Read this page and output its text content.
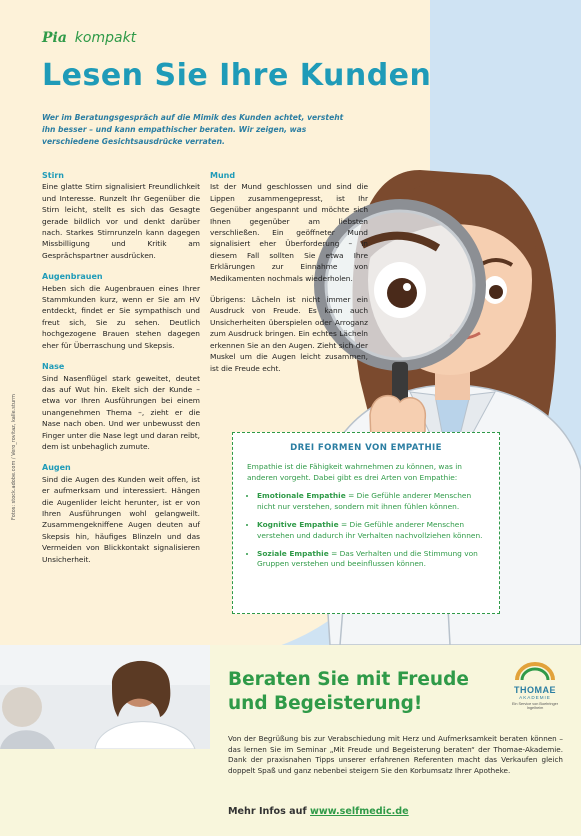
Pia kompakt
Lesen Sie Ihre Kunden
Wer im Beratungsgespräch auf die Mimik des Kunden achtet, versteht ihn besser – und kann empathischer beraten. Wir zeigen, was verschiedene Gesichtsausdrücke verraten.

Stirn

Eine glatte Stirn signalisiert Freundlichkeit und Interesse. Runzelt Ihr Gegenüber die Stirn leicht, stellt es sich das Gesagte gerade bildlich vor und denkt darüber nach. Starkes Stirnrunzeln kann dagegen Missbilligung und Kritik am Gesprächspartner ausdrücken.

Augenbrauen

Heben sich die Augenbrauen eines Ihrer Stammkunden kurz, wenn er Sie am HV entdeckt, findet er Sie sympathisch und freut sich, Sie zu sehen. Deutlich hochgezogene Brauen stehen dagegen eher für Überraschung und Skepsis.

Nase

Sind Nasenflügel stark geweitet, deutet das auf Wut hin. Ekelt sich der Kunde – etwa vor Ihren Ausführungen bei einem unangenehmen Thema –, zieht er die Nase nach oben. Und wer unbewusst den Finger unter die Nase legt und daran reibt, dem ist unbehaglich zumute.

Augen

Sind die Augen des Kunden weit offen, ist er aufmerksam und interessiert. Hängen die Augenlider leicht herunter, ist er von Ihren Ausführungen wohl gelangweilt. Zusammengekniffene Augen deuten auf Skepsis hin, häufiges Blinzeln und das Vermeiden von Blickkontakt signalisieren Unsicherheit.

Mund

Ist der Mund geschlossen und sind die Lippen zusammengepresst, ist Ihr Gegenüber angespannt und möchte sich Ihnen gegenüber am liebsten verschließen. Ein geöffneter Mund signalisiert eher Überforderung – in diesem Fall sollten Sie etwa Ihre Erklärungen zur Einnahme von Medikamenten nochmals wiederholen.

Übrigens: Lächeln ist nicht immer ein Ausdruck von Freude. Es kann auch Unsicherheiten überspielen oder Arroganz zum Ausdruck bringen. Ein echtes Lächeln erkennen Sie an den Augen. Zieht sich der Muskel um die Augen leicht zusammen, ist die Freude echt.

Fotos: stock.adobe.com / Vero_rovitaz, kalle.sturm	DREI FORMEN VON EMPATHIE

Empathie ist die Fähigkeit wahrnehmen zu können, was in anderen vorgeht. Dabei gibt es drei Arten von Empathie:

• Emotionale Empathie = Die Gefühle anderer Menschen nicht nur verstehen, sondern mit ihnen fühlen können.
• Kognitive Empathie = Die Gefühle anderer Menschen verstehen und dadurch ihr Verhalten nachvollziehen können.
• Soziale Empathie = Das Verhalten und die Stimmung von Gruppen verstehen und beeinflussen können.
Beraten Sie mit Freude und Begeisterung!
Von der Begrüßung bis zur Verabschiedung mit Herz und Aufmerksamkeit beraten können – das lernen Sie im Seminar „Mit Freude und Begeisterung beraten“ der Thomae-Akademie. Dank der praxisnahen Tipps unserer erfahrenen Referenten macht das Verkaufen gleich doppelt Spaß und ganz nebenbei steigern Sie den Korbumsatz Ihrer Apotheke.
Mehr Infos auf www.selfmedic.de
THOMAE
AKADEMIE
Ein Service von Boehringer Ingelheim
